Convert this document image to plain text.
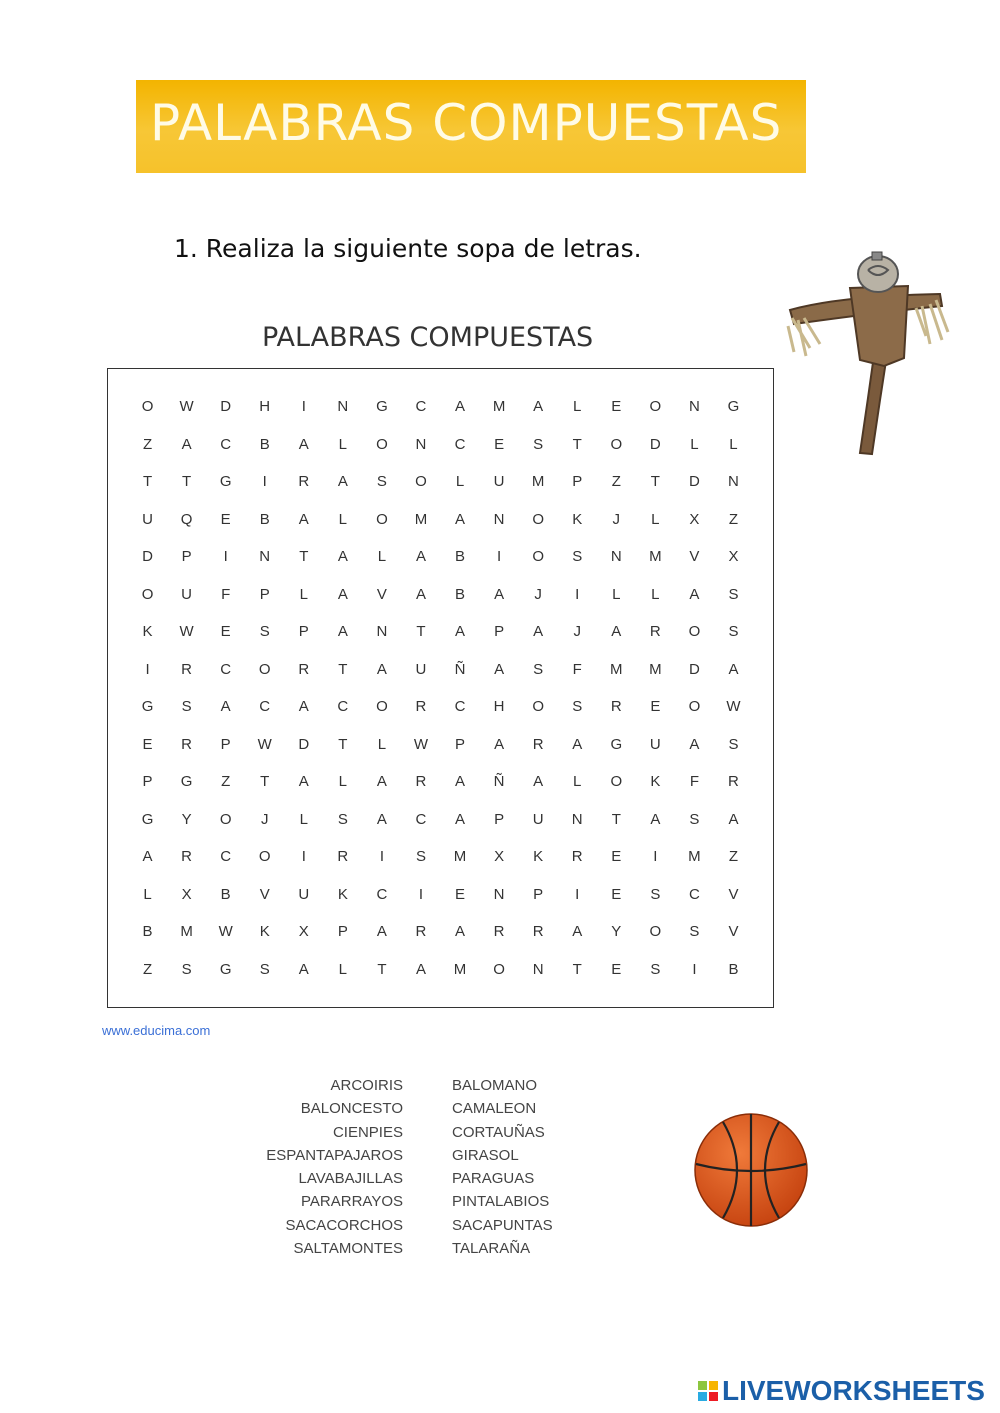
PALABRAS COMPUESTAS
1. Realiza la siguiente sopa de letras.
PALABRAS COMPUESTAS
O	W	D	H	I	N	G	C	A	M	A	L	E	O	N	G
Z	A	C	B	A	L	O	N	C	E	S	T	O	D	L	L
T	T	G	I	R	A	S	O	L	U	M	P	Z	T	D	N
U	Q	E	B	A	L	O	M	A	N	O	K	J	L	X	Z
D	P	I	N	T	A	L	A	B	I	O	S	N	M	V	X
O	U	F	P	L	A	V	A	B	A	J	I	L	L	A	S
K	W	E	S	P	A	N	T	A	P	A	J	A	R	O	S
I	R	C	O	R	T	A	U	Ñ	A	S	F	M	M	D	A
G	S	A	C	A	C	O	R	C	H	O	S	R	E	O	W
E	R	P	W	D	T	L	W	P	A	R	A	G	U	A	S
P	G	Z	T	A	L	A	R	A	Ñ	A	L	O	K	F	R
G	Y	O	J	L	S	A	C	A	P	U	N	T	A	S	A
A	R	C	O	I	R	I	S	M	X	K	R	E	I	M	Z
L	X	B	V	U	K	C	I	E	N	P	I	E	S	C	V
B	M	W	K	X	P	A	R	A	R	R	A	Y	O	S	V
Z	S	G	S	A	L	T	A	M	O	N	T	E	S	I	B
www.educima.com
ARCOIRIS
BALONCESTO
CIENPIES
ESPANTAPAJAROS
LAVABAJILLAS
PARARRAYOS
SACACORCHOS
SALTAMONTES
BALOMANO
CAMALEON
CORTAUÑAS
GIRASOL
PARAGUAS
PINTALABIOS
SACAPUNTAS
TALARAÑA
LIVEWORKSHEETS
